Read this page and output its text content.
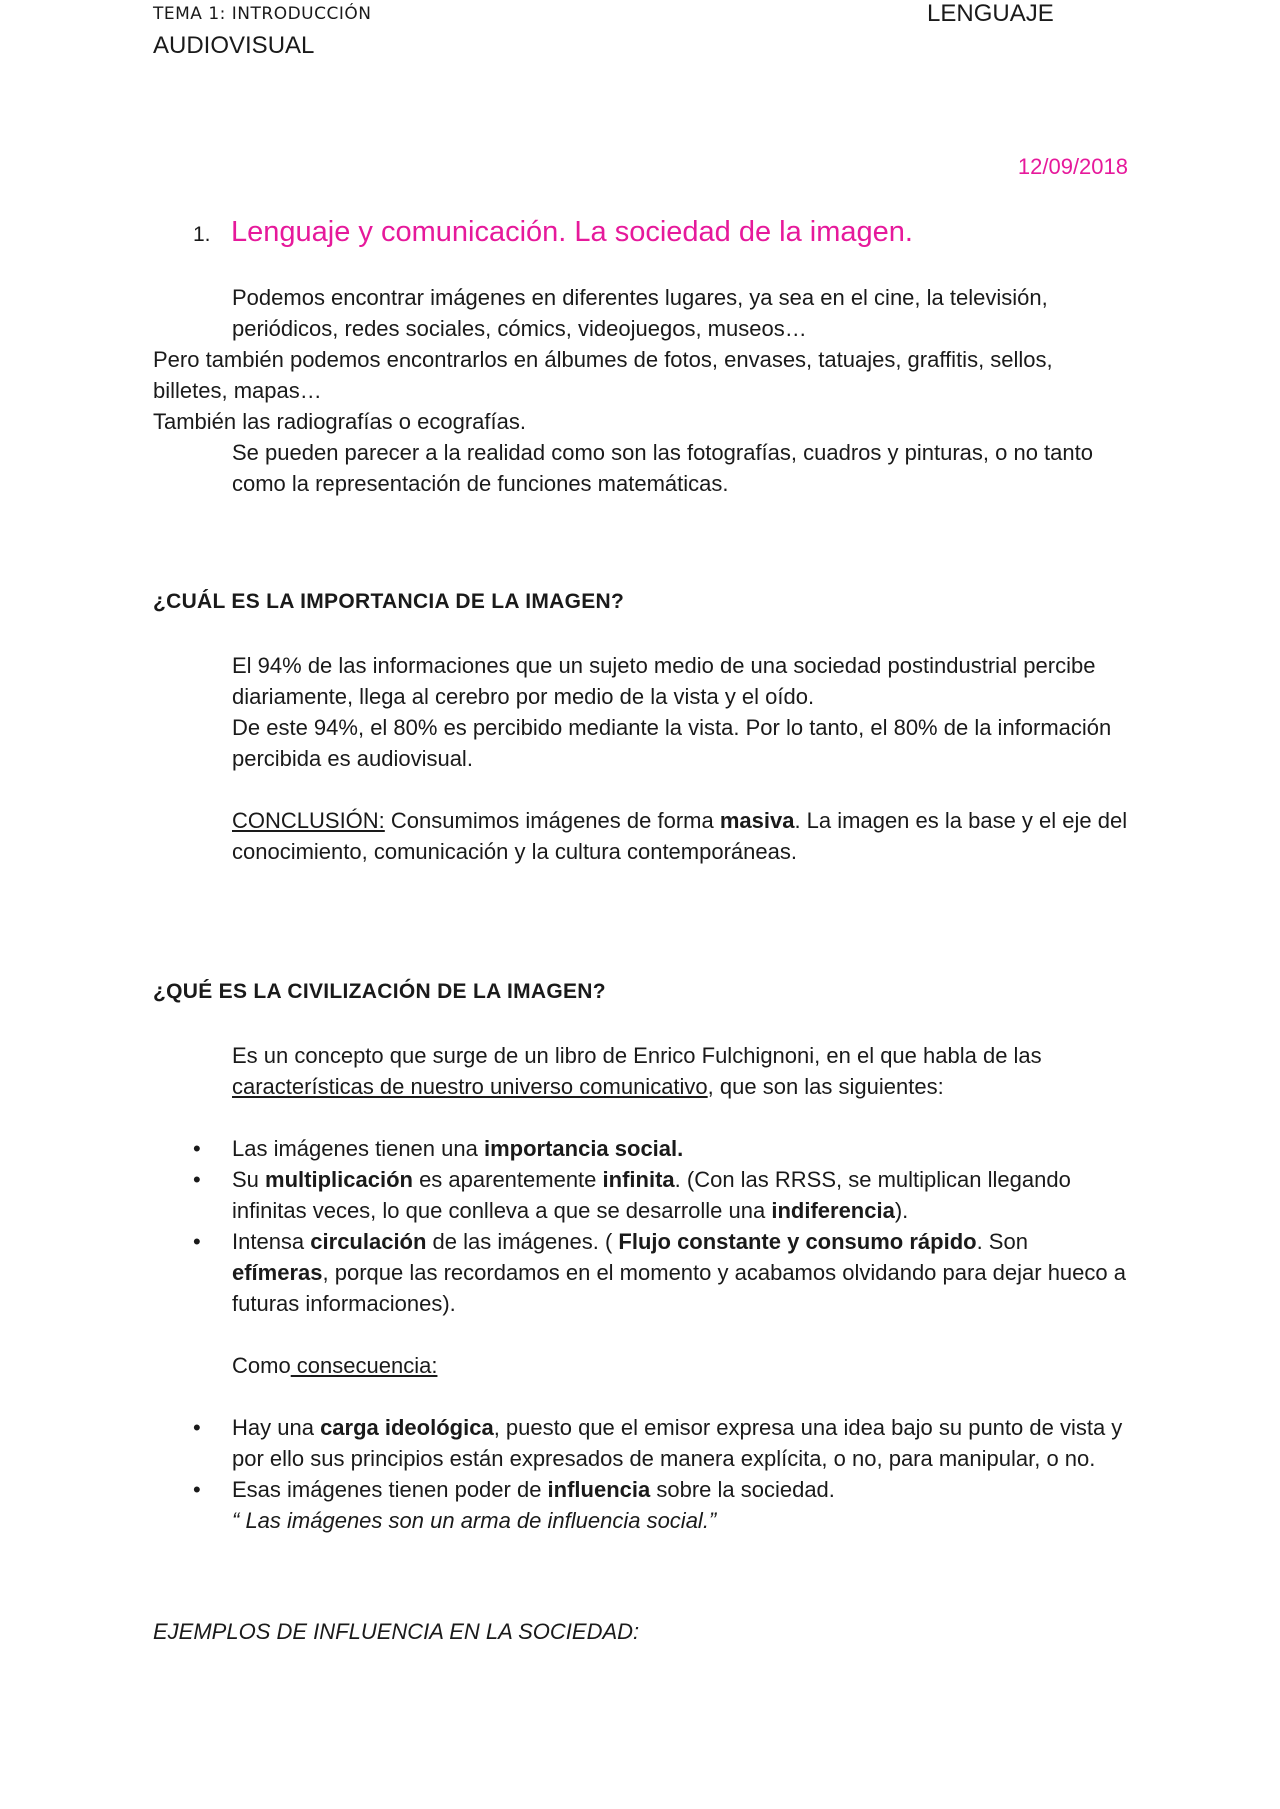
TEMA 1: INTRODUCCIÓN	LENGUAJE
AUDIOVISUAL
12/09/2018
1. Lenguaje y comunicación. La sociedad de la imagen.
Podemos encontrar imágenes en diferentes lugares, ya sea en el cine, la televisión, periódicos, redes sociales, cómics, videojuegos, museos…
Pero también podemos encontrarlos en álbumes de fotos, envases, tatuajes, graffitis, sellos, billetes, mapas…
También las radiografías o ecografías.
Se pueden parecer a la realidad como son las fotografías, cuadros y pinturas, o no tanto como la representación de funciones matemáticas.
¿CUÁL ES LA IMPORTANCIA DE LA IMAGEN?
El 94% de las informaciones que un sujeto medio de una sociedad postindustrial percibe diariamente, llega al cerebro por medio de la vista y el oído.
De este 94%, el 80% es percibido mediante la vista. Por lo tanto, el 80% de la información percibida es audiovisual.
CONCLUSIÓN: Consumimos imágenes de forma masiva. La imagen es la base y el eje del conocimiento, comunicación y la cultura contemporáneas.
¿QUÉ ES LA CIVILIZACIÓN DE LA IMAGEN?
Es un concepto que surge de un libro de Enrico Fulchignoni, en el que habla de las características de nuestro universo comunicativo, que son las siguientes:
• Las imágenes tienen una importancia social.
• Su multiplicación es aparentemente infinita. (Con las RRSS, se multiplican llegando infinitas veces, lo que conlleva a que se desarrolle una indiferencia).
• Intensa circulación de las imágenes. ( Flujo constante y consumo rápido. Son efímeras, porque las recordamos en el momento y acabamos olvidando para dejar hueco a futuras informaciones).
Como consecuencia:
• Hay una carga ideológica, puesto que el emisor expresa una idea bajo su punto de vista y por ello sus principios están expresados de manera explícita, o no, para manipular, o no.
• Esas imágenes tienen poder de influencia sobre la sociedad.
“ Las imágenes son un arma de influencia social.”
EJEMPLOS DE INFLUENCIA EN LA SOCIEDAD:
